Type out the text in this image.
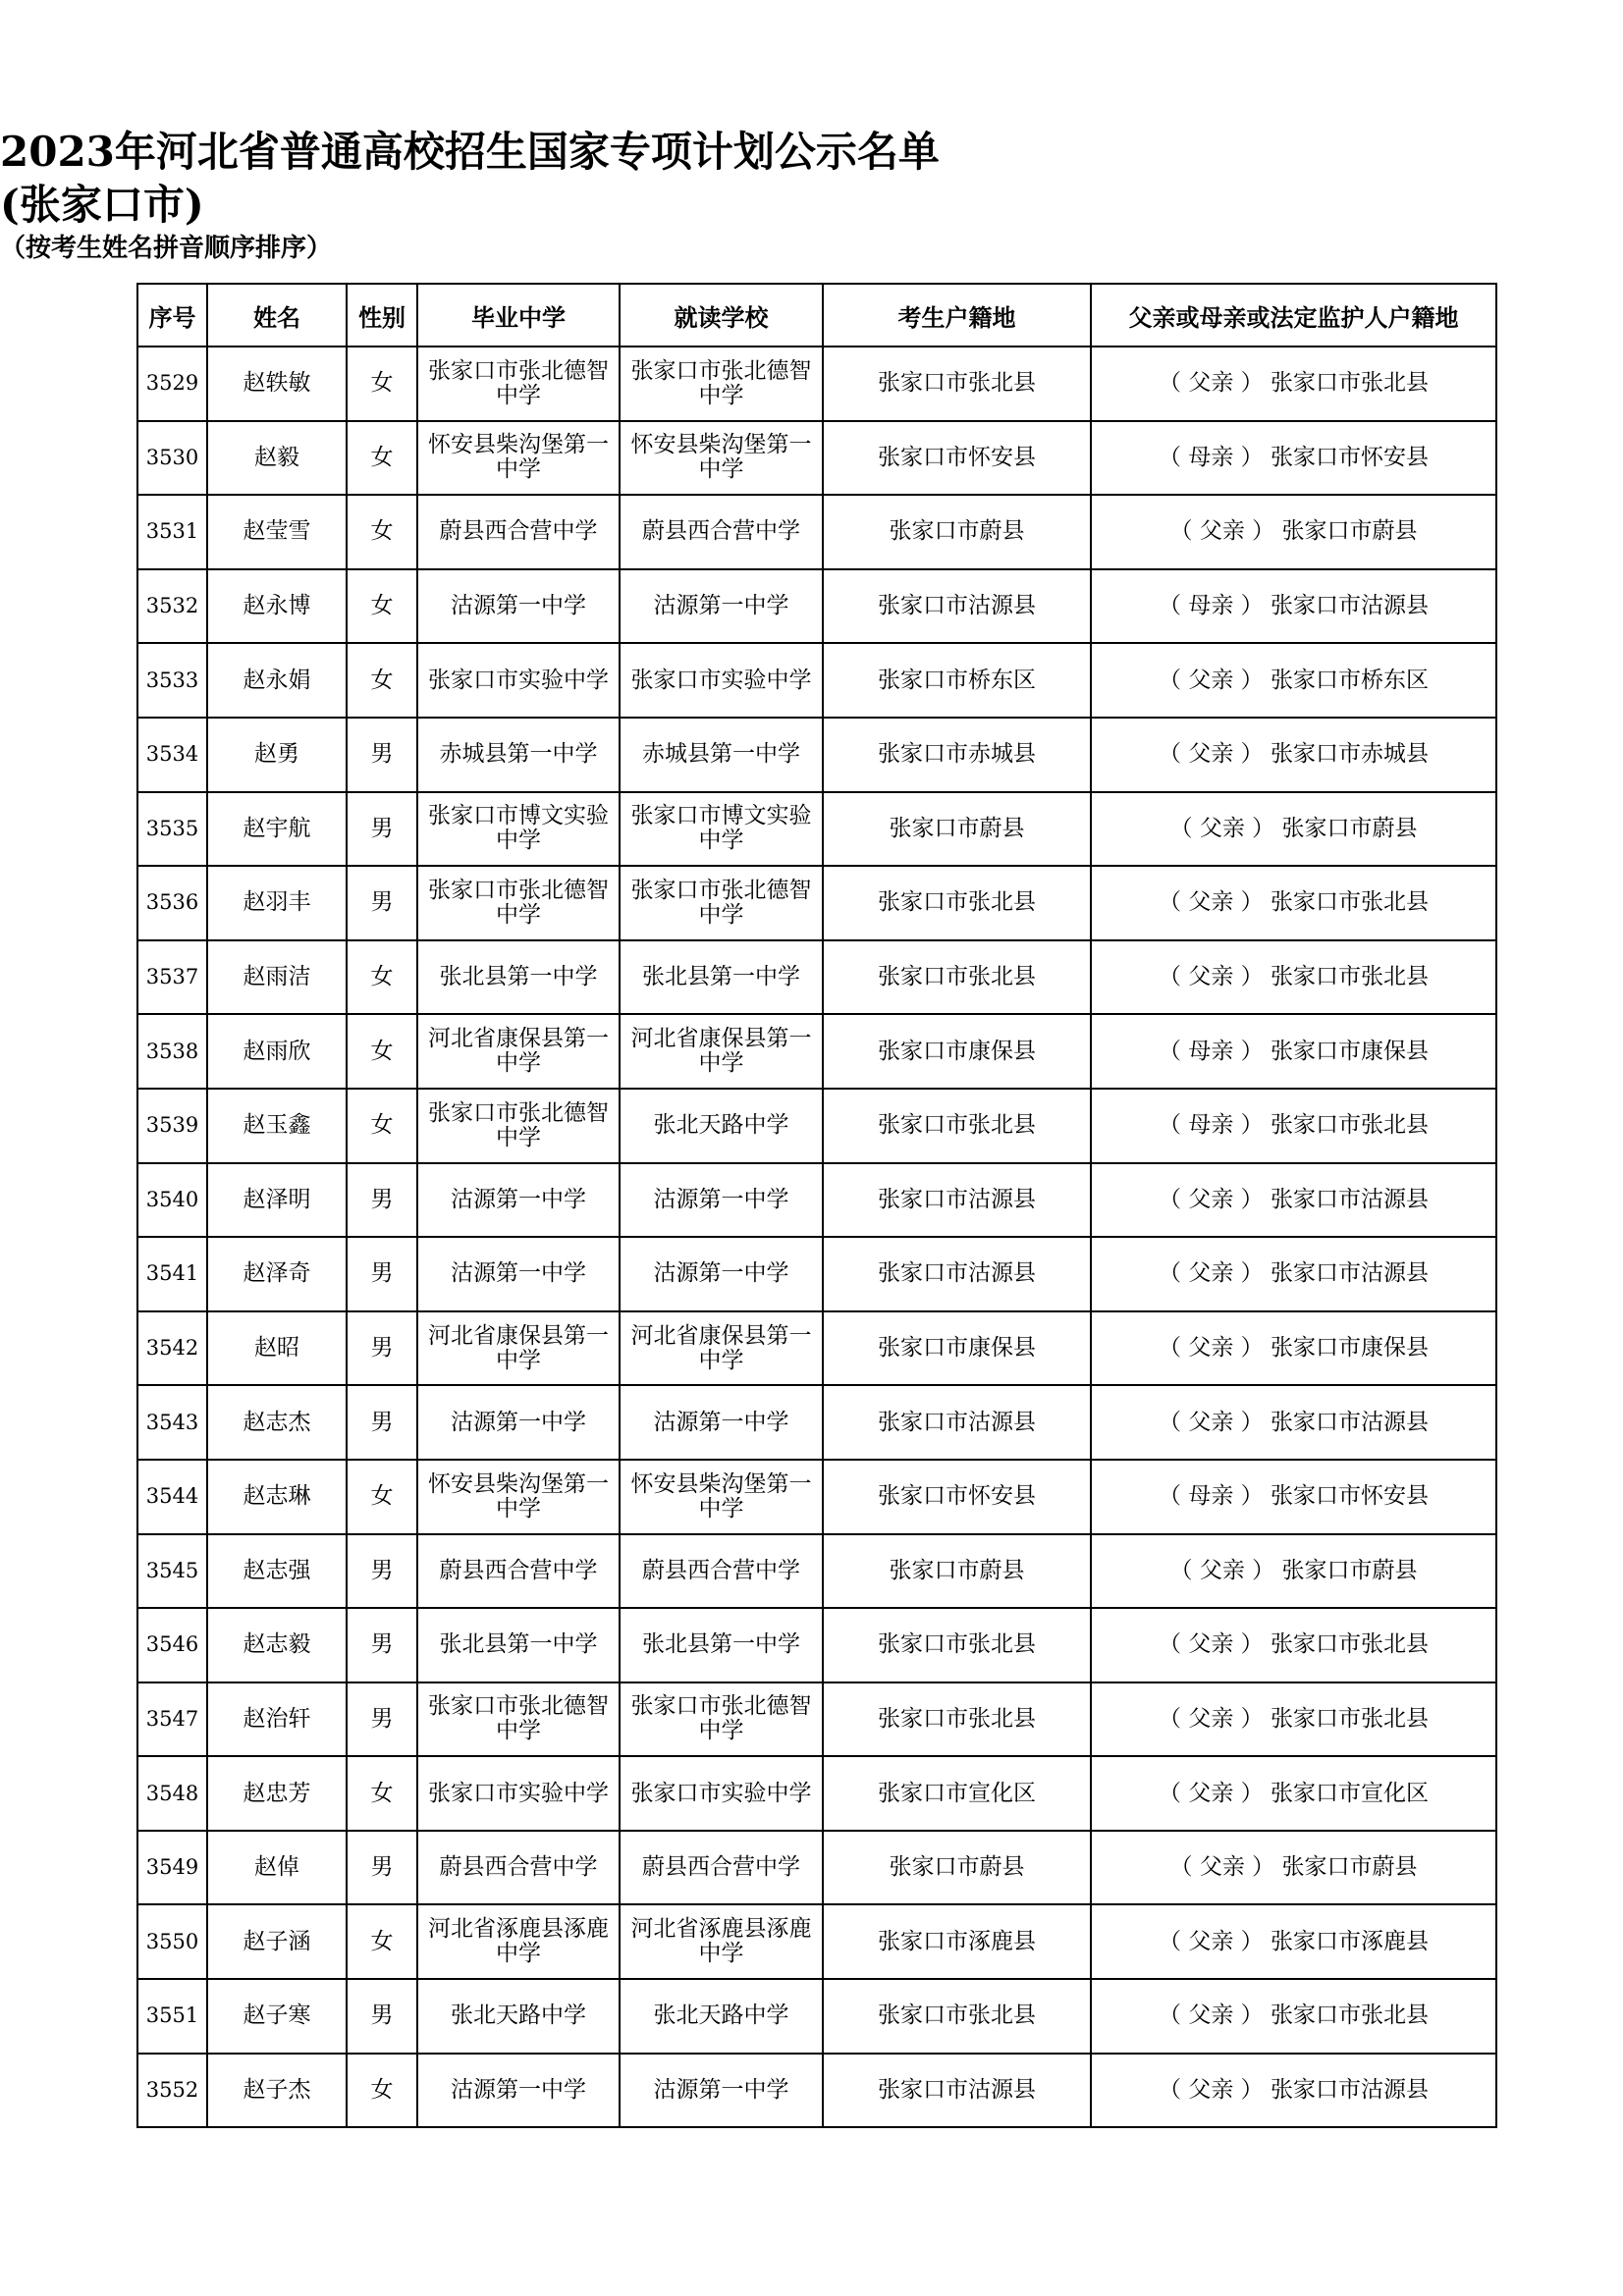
2023年河北省普通高校招生国家专项计划公示名单
(张家口市)
（按考生姓名拼音顺序排序）
序号	姓名	性别	毕业中学	就读学校	考生户籍地	父亲或母亲或法定监护人户籍地
3529	赵轶敏	女	张家口市张北德智中学	张家口市张北德智中学	张家口市张北县	（ 父亲 ） 张家口市张北县
3530	赵毅	女	怀安县柴沟堡第一中学	怀安县柴沟堡第一中学	张家口市怀安县	（ 母亲 ） 张家口市怀安县
3531	赵莹雪	女	蔚县西合营中学	蔚县西合营中学	张家口市蔚县	（ 父亲 ） 张家口市蔚县
3532	赵永博	女	沽源第一中学	沽源第一中学	张家口市沽源县	（ 母亲 ） 张家口市沽源县
3533	赵永娟	女	张家口市实验中学	张家口市实验中学	张家口市桥东区	（ 父亲 ） 张家口市桥东区
3534	赵勇	男	赤城县第一中学	赤城县第一中学	张家口市赤城县	（ 父亲 ） 张家口市赤城县
3535	赵宇航	男	张家口市博文实验中学	张家口市博文实验中学	张家口市蔚县	（ 父亲 ） 张家口市蔚县
3536	赵羽丰	男	张家口市张北德智中学	张家口市张北德智中学	张家口市张北县	（ 父亲 ） 张家口市张北县
3537	赵雨洁	女	张北县第一中学	张北县第一中学	张家口市张北县	（ 父亲 ） 张家口市张北县
3538	赵雨欣	女	河北省康保县第一中学	河北省康保县第一中学	张家口市康保县	（ 母亲 ） 张家口市康保县
3539	赵玉鑫	女	张家口市张北德智中学	张北天路中学	张家口市张北县	（ 母亲 ） 张家口市张北县
3540	赵泽明	男	沽源第一中学	沽源第一中学	张家口市沽源县	（ 父亲 ） 张家口市沽源县
3541	赵泽奇	男	沽源第一中学	沽源第一中学	张家口市沽源县	（ 父亲 ） 张家口市沽源县
3542	赵昭	男	河北省康保县第一中学	河北省康保县第一中学	张家口市康保县	（ 父亲 ） 张家口市康保县
3543	赵志杰	男	沽源第一中学	沽源第一中学	张家口市沽源县	（ 父亲 ） 张家口市沽源县
3544	赵志琳	女	怀安县柴沟堡第一中学	怀安县柴沟堡第一中学	张家口市怀安县	（ 母亲 ） 张家口市怀安县
3545	赵志强	男	蔚县西合营中学	蔚县西合营中学	张家口市蔚县	（ 父亲 ） 张家口市蔚县
3546	赵志毅	男	张北县第一中学	张北县第一中学	张家口市张北县	（ 父亲 ） 张家口市张北县
3547	赵治轩	男	张家口市张北德智中学	张家口市张北德智中学	张家口市张北县	（ 父亲 ） 张家口市张北县
3548	赵忠芳	女	张家口市实验中学	张家口市实验中学	张家口市宣化区	（ 父亲 ） 张家口市宣化区
3549	赵倬	男	蔚县西合营中学	蔚县西合营中学	张家口市蔚县	（ 父亲 ） 张家口市蔚县
3550	赵子涵	女	河北省涿鹿县涿鹿中学	河北省涿鹿县涿鹿中学	张家口市涿鹿县	（ 父亲 ） 张家口市涿鹿县
3551	赵子寒	男	张北天路中学	张北天路中学	张家口市张北县	（ 父亲 ） 张家口市张北县
3552	赵子杰	女	沽源第一中学	沽源第一中学	张家口市沽源县	（ 父亲 ） 张家口市沽源县
